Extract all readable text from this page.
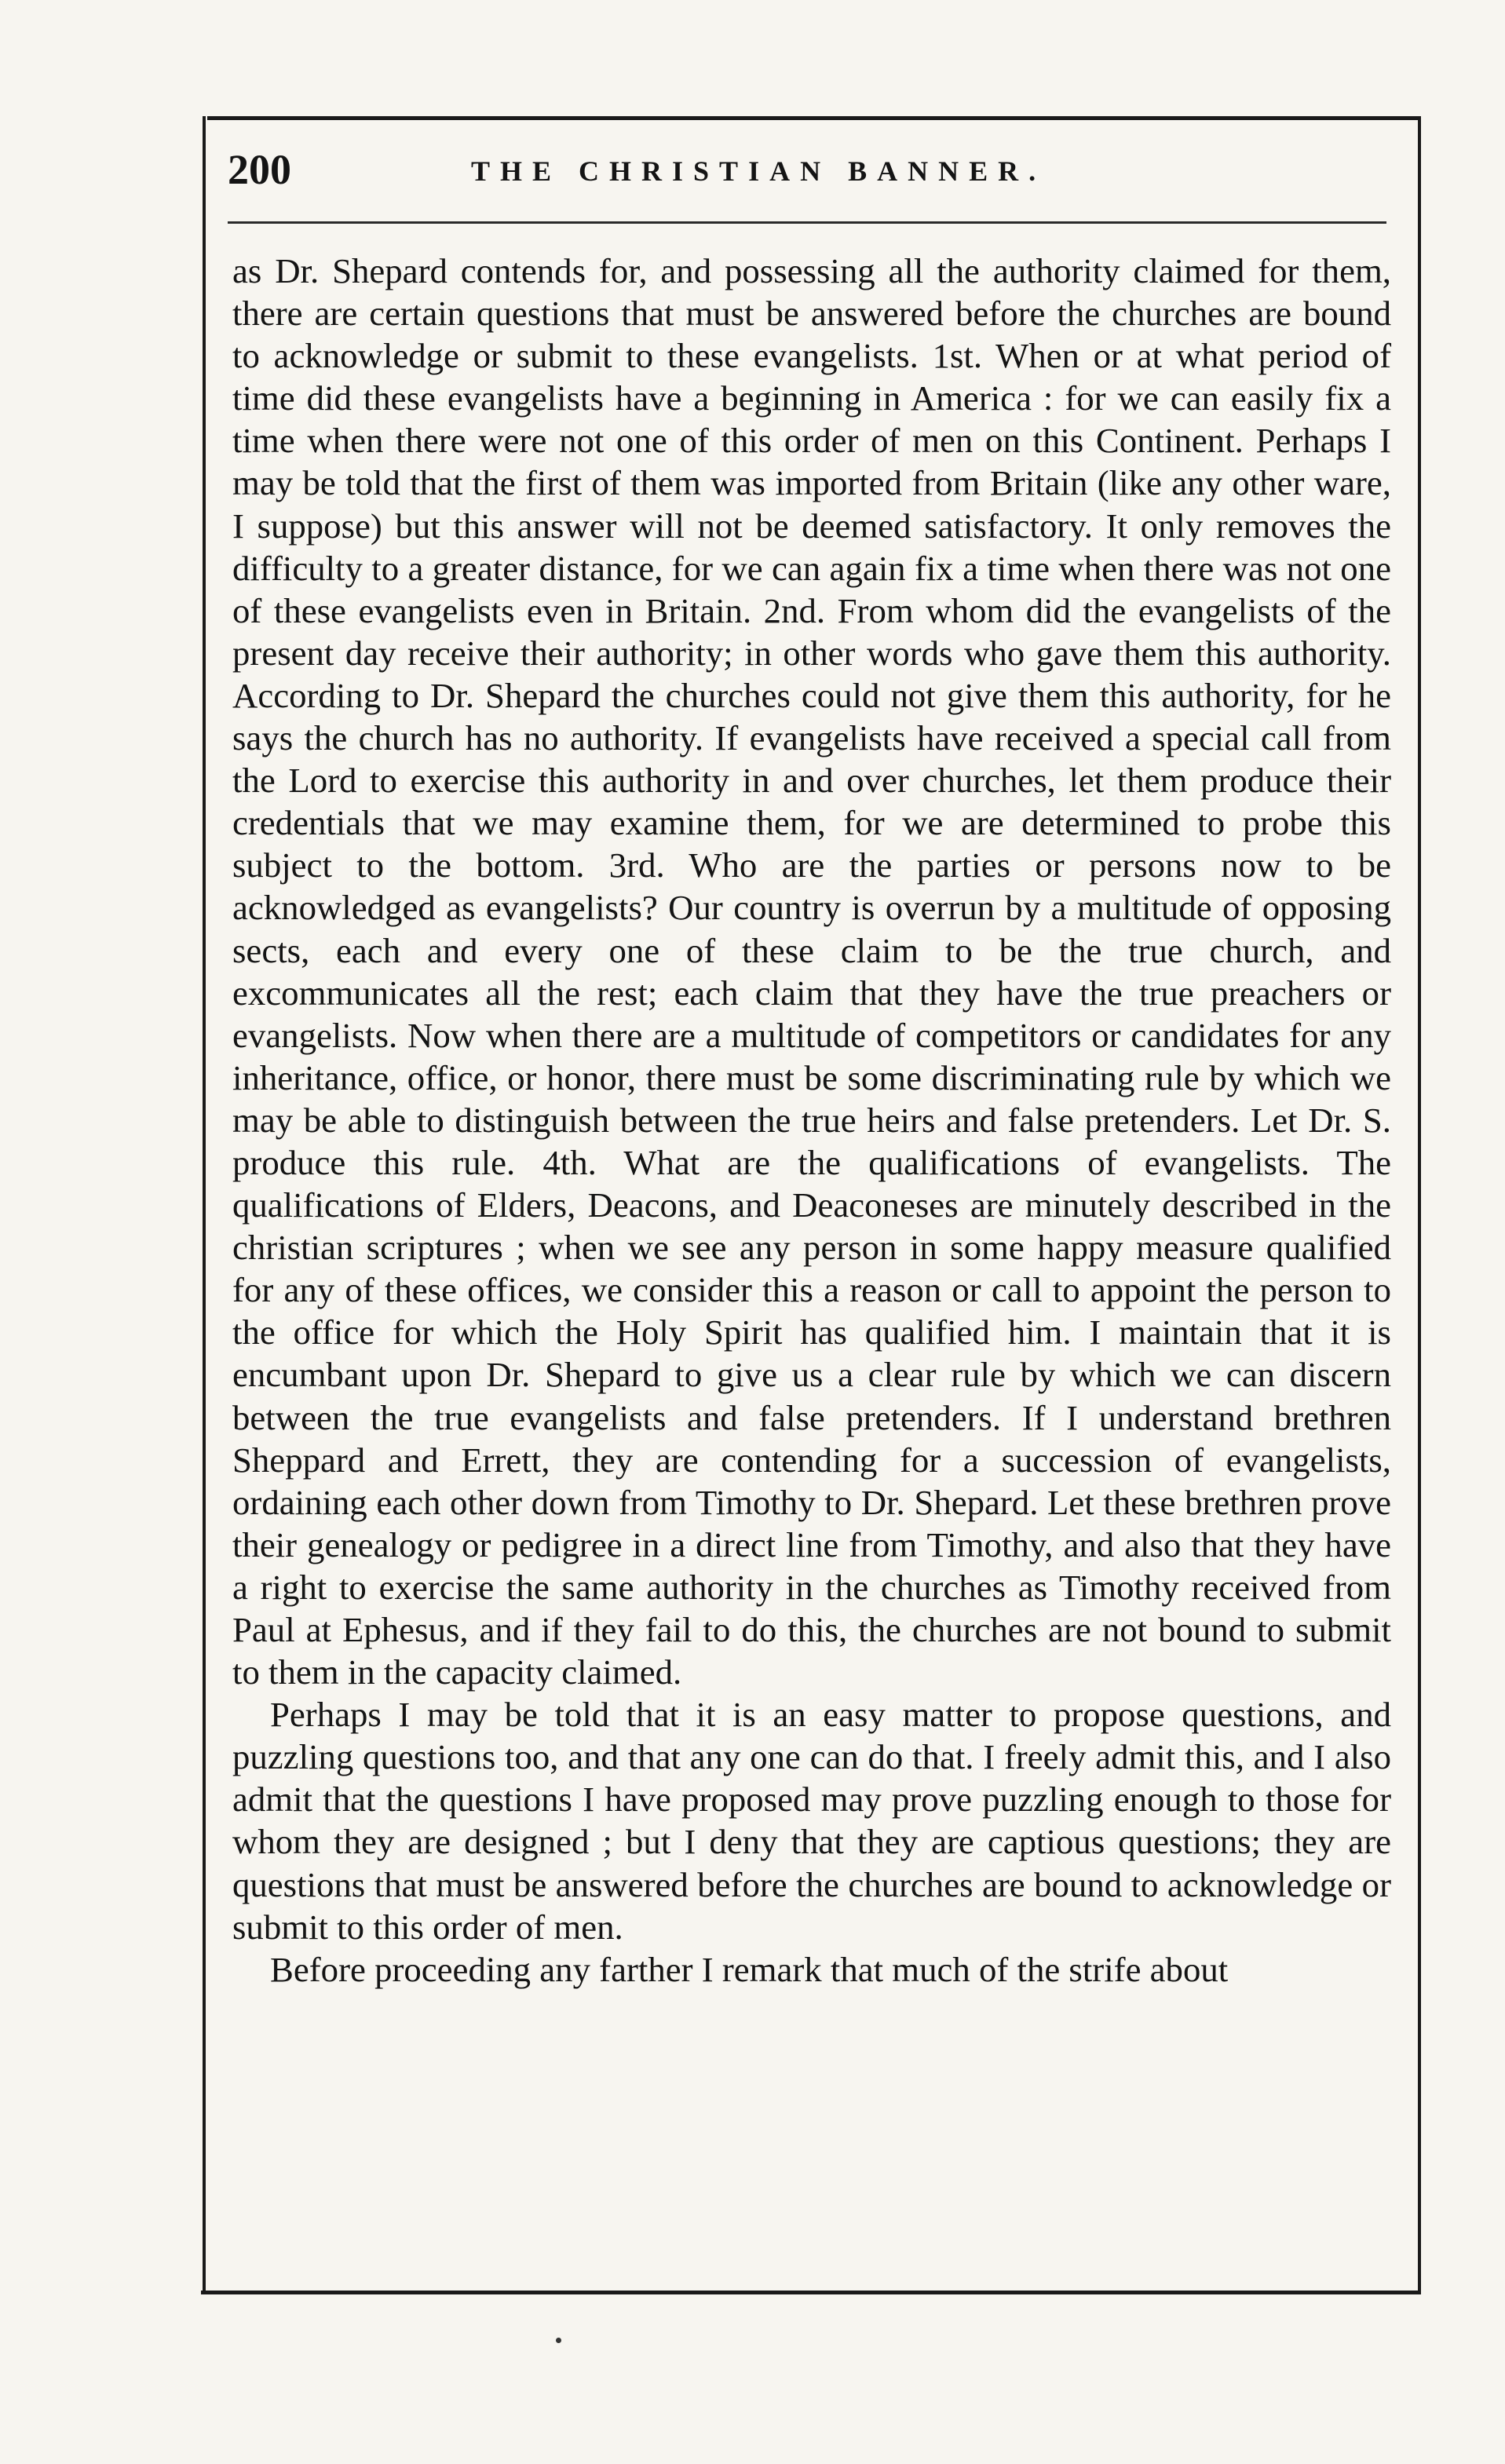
200	THE CHRISTIAN BANNER.

as Dr. Shepard contends for, and possessing all the authority claimed for them, there are certain questions that must be answered before the churches are bound to acknowledge or submit to these evangelists. 1st. When or at what period of time did these evangelists have a beginning in America : for we can easily fix a time when there were not one of this order of men on this Continent. Perhaps I may be told that the first of them was imported from Britain (like any other ware, I suppose) but this answer will not be deemed satisfactory. It only removes the difficulty to a greater distance, for we can again fix a time when there was not one of these evangelists even in Britain. 2nd. From whom did the evangelists of the present day receive their authority; in other words who gave them this authority. According to Dr. Shepard the churches could not give them this authority, for he says the church has no authority. If evangelists have received a special call from the Lord to exercise this authority in and over churches, let them produce their credentials that we may examine them, for we are determined to probe this subject to the bottom. 3rd. Who are the parties or persons now to be acknowledged as evangelists? Our country is overrun by a multitude of opposing sects, each and every one of these claim to be the true church, and excommunicates all the rest; each claim that they have the true preachers or evangelists. Now when there are a multitude of competitors or candidates for any inheritance, office, or honor, there must be some discriminating rule by which we may be able to distinguish between the true heirs and false pretenders. Let Dr. S. produce this rule. 4th. What are the qualifications of evangelists. The qualifications of Elders, Deacons, and Deaconeses are minutely described in the christian scriptures ; when we see any person in some happy measure qualified for any of these offices, we consider this a reason or call to appoint the person to the office for which the Holy Spirit has qualified him. I maintain that it is encumbant upon Dr. Shepard to give us a clear rule by which we can discern between the true evangelists and false pretenders. If I understand brethren Sheppard and Errett, they are contending for a succession of evangelists, ordaining each other down from Timothy to Dr. Shepard. Let these brethren prove their genealogy or pedigree in a direct line from Timothy, and also that they have a right to exercise the same authority in the churches as Timothy received from Paul at Ephesus, and if they fail to do this, the churches are not bound to submit to them in the capacity claimed.

Perhaps I may be told that it is an easy matter to propose questions, and puzzling questions too, and that any one can do that. I freely admit this, and I also admit that the questions I have proposed may prove puzzling enough to those for whom they are designed ; but I deny that they are captious questions; they are questions that must be answered before the churches are bound to acknowledge or submit to this order of men.

Before proceeding any farther I remark that much of the strife about
